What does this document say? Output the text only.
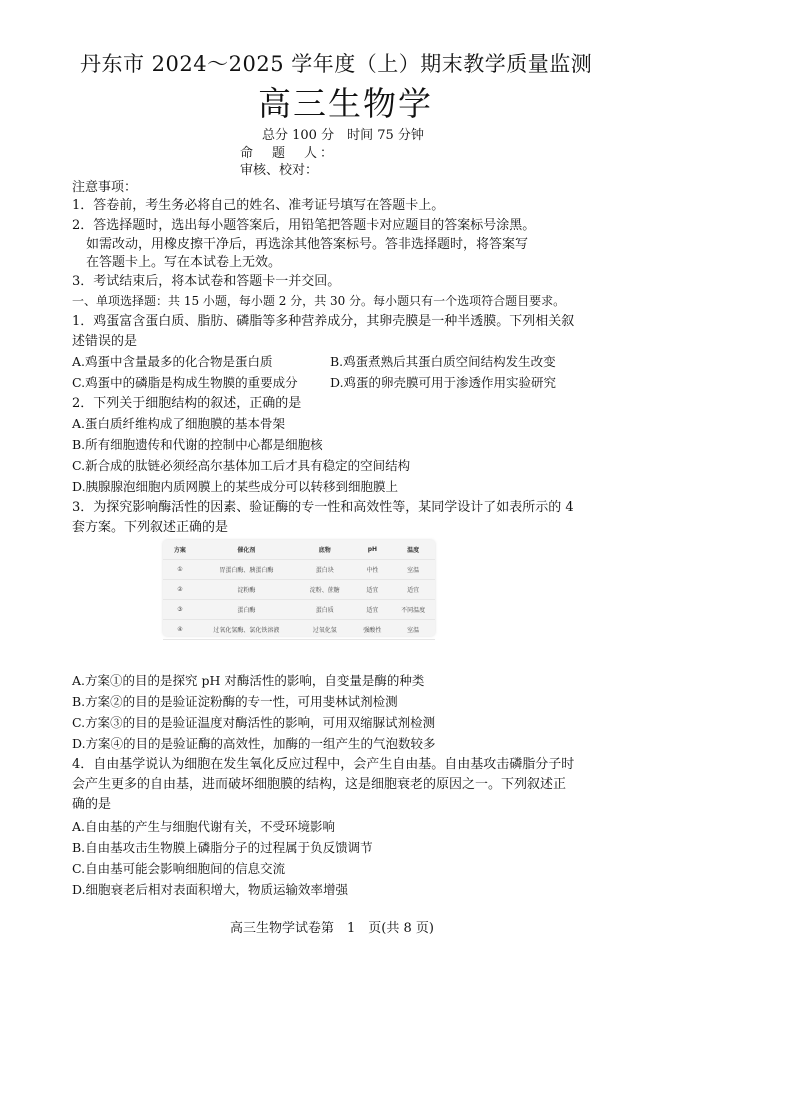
丹东市 2024～2025 学年度（上）期末教学质量监测
高三生物学
总分 100 分　时间 75 分钟
命　题　人：
审核、校对：
注意事项：
1．答卷前，考生务必将自己的姓名、准考证号填写在答题卡上。
2．答选择题时，选出每小题答案后，用铅笔把答题卡对应题目的答案标号涂黑。
如需改动，用橡皮擦干净后，再选涂其他答案标号。答非选择题时，将答案写
在答题卡上。写在本试卷上无效。
3．考试结束后，将本试卷和答题卡一并交回。
一、单项选择题：共 15 小题，每小题 2 分，共 30 分。每小题只有一个选项符合题目要求。
1．鸡蛋富含蛋白质、脂肪、磷脂等多种营养成分，其卵壳膜是一种半透膜。下列相关叙
述错误的是
A.鸡蛋中含量最多的化合物是蛋白质	B.鸡蛋煮熟后其蛋白质空间结构发生改变
C.鸡蛋中的磷脂是构成生物膜的重要成分	D.鸡蛋的卵壳膜可用于渗透作用实验研究
2．下列关于细胞结构的叙述，正确的是
A.蛋白质纤维构成了细胞膜的基本骨架
B.所有细胞遗传和代谢的控制中心都是细胞核
C.新合成的肽链必须经高尔基体加工后才具有稳定的空间结构
D.胰腺腺泡细胞内质网膜上的某些成分可以转移到细胞膜上
3．为探究影响酶活性的因素、验证酶的专一性和高效性等，某同学设计了如表所示的 4
套方案。下列叙述正确的是
方案	催化剂	底物	pH	温度
①	胃蛋白酶、胰蛋白酶	蛋白块	中性	室温
②	淀粉酶	淀粉、蔗糖	适宜	适宜
③	蛋白酶	蛋白质	适宜	不同温度
④	过氧化氢酶、氯化铁溶液	过氧化氢	强酸性	室温
A.方案①的目的是探究 pH 对酶活性的影响，自变量是酶的种类
B.方案②的目的是验证淀粉酶的专一性，可用斐林试剂检测
C.方案③的目的是验证温度对酶活性的影响，可用双缩脲试剂检测
D.方案④的目的是验证酶的高效性，加酶的一组产生的气泡数较多
4．自由基学说认为细胞在发生氧化反应过程中，会产生自由基。自由基攻击磷脂分子时
会产生更多的自由基，进而破坏细胞膜的结构，这是细胞衰老的原因之一。下列叙述正
确的是
A.自由基的产生与细胞代谢有关，不受环境影响
B.自由基攻击生物膜上磷脂分子的过程属于负反馈调节
C.自由基可能会影响细胞间的信息交流
D.细胞衰老后相对表面积增大，物质运输效率增强
高三生物学试卷第　1　页(共 8 页)
